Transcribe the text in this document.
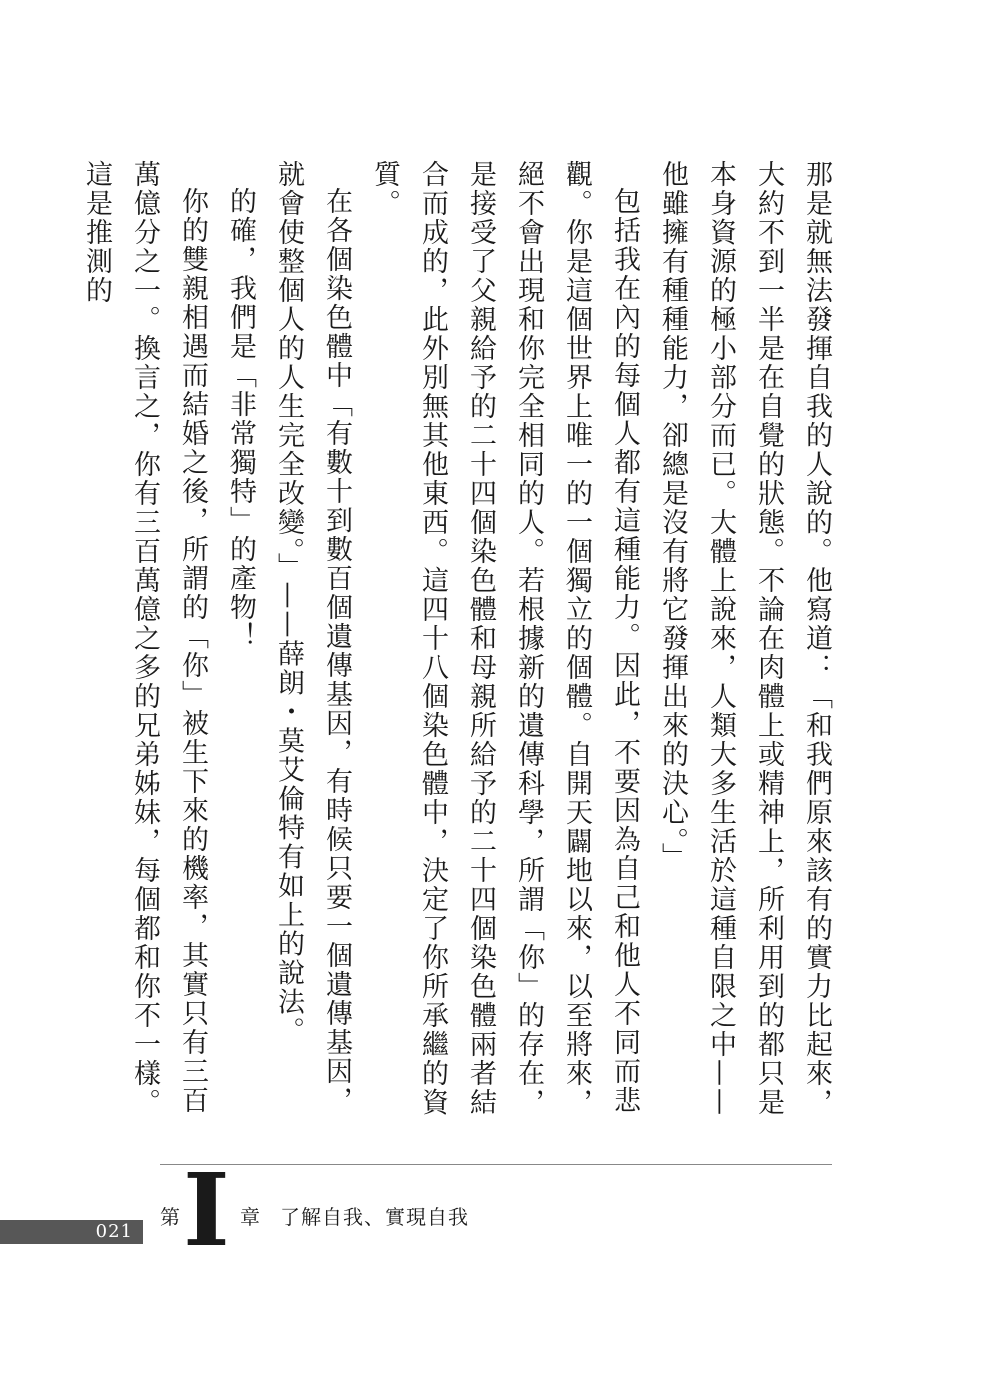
那是就無法發揮自我的人說的。他寫道：「和我們原來該有的實力比起來，大約不到一半是在自覺的狀態。不論在肉體上或精神上，所利用到的都只是本身資源的極小部分而已。大體上說來，人類大多生活於這種自限之中——他雖擁有種種能力，卻總是沒有將它發揮出來的決心。」

包括我在內的每個人都有這種能力。因此，不要因為自己和他人不同而悲觀。你是這個世界上唯一的一個獨立的個體。自開天闢地以來，以至將來，絕不會出現和你完全相同的人。若根據新的遺傳科學，所謂「你」的存在，是接受了父親給予的二十四個染色體和母親所給予的二十四個染色體兩者結合而成的，此外別無其他東西。這四十八個染色體中，決定了你所承繼的資質。

在各個染色體中「有數十到數百個遺傳基因，有時候只要一個遺傳基因，就會使整個人的人生完全改變。」——薛朗・莫艾倫特有如上的說法。

的確，我們是「非常獨特」的產物！

你的雙親相遇而結婚之後，所謂的「你」被生下來的機率，其實只有三百萬億分之一。換言之，你有三百萬億之多的兄弟姊妹，每個都和你不一樣。這是推測的

021
第 I 章 了解自我、實現自我
